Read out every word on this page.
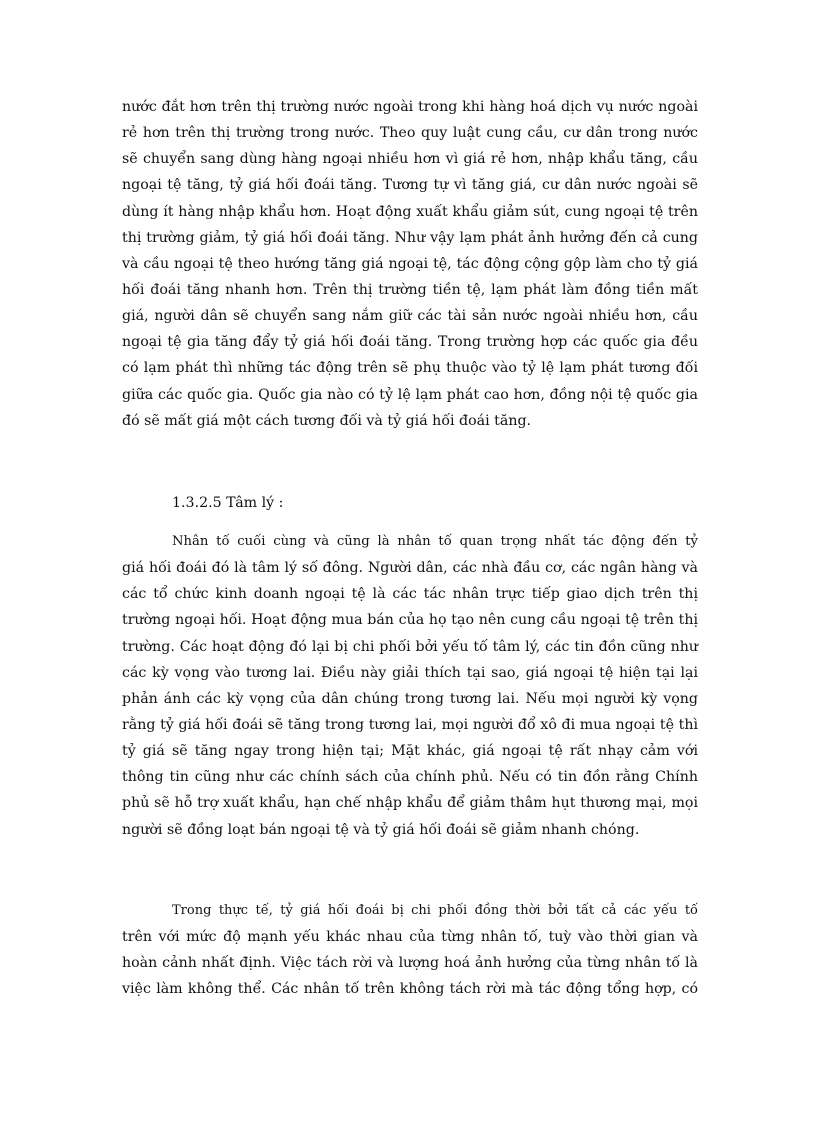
nước đắt hơn trên thị trường nước ngoài trong khi hàng hoá dịch vụ nước ngoài
rẻ hơn trên thị trường trong nước. Theo quy luật cung cầu, cư dân trong nước
sẽ chuyển sang dùng hàng ngoại nhiều hơn vì giá rẻ hơn, nhập khẩu tăng, cầu
ngoại tệ tăng, tỷ giá hối đoái tăng. Tương tự vì tăng giá, cư dân nước ngoài sẽ
dùng ít hàng nhập khẩu hơn. Hoạt động xuất khẩu giảm sút, cung ngoại tệ trên
thị trường giảm, tỷ giá hối đoái tăng. Như vậy lạm phát ảnh hưởng đến cả cung
và cầu ngoại tệ theo hướng tăng giá ngoại tệ, tác động cộng gộp làm cho tỷ giá
hối đoái tăng nhanh hơn. Trên thị trường tiền tệ, lạm phát làm đồng tiền mất
giá, người dân sẽ chuyển sang nắm giữ các tài sản nước ngoài nhiều hơn, cầu
ngoại tệ gia tăng đẩy tỷ giá hối đoái tăng. Trong trường hợp các quốc gia đều
có lạm phát thì những tác động trên sẽ phụ thuộc vào tỷ lệ lạm phát tương đối
giữa các quốc gia. Quốc gia nào có tỷ lệ lạm phát cao hơn, đồng nội tệ quốc gia
đó sẽ mất giá một cách tương đối và tỷ giá hối đoái tăng.
1.3.2.5 Tâm lý :
Nhân tố cuối cùng và cũng là nhân tố quan trọng nhất tác động đến tỷ
giá hối đoái đó là tâm lý số đông. Người dân, các nhà đầu cơ, các ngân hàng và
các tổ chức kinh doanh ngoại tệ là các tác nhân trực tiếp giao dịch trên thị
trường ngoại hối. Hoạt động mua bán của họ tạo nên cung cầu ngoại tệ trên thị
trường. Các hoạt động đó lại bị chi phối bởi yếu tố tâm lý, các tin đồn cũng như
các kỳ vọng vào tương lai. Điều này giải thích tại sao, giá ngoại tệ hiện tại lại
phản ánh các kỳ vọng của dân chúng trong tương lai. Nếu mọi người kỳ vọng
rằng tỷ giá hối đoái sẽ tăng trong tương lai, mọi người đổ xô đi mua ngoại tệ thì
tỷ giá sẽ tăng ngay trong hiện tại; Mặt khác, giá ngoại tệ rất nhạy cảm với
thông tin cũng như các chính sách của chính phủ. Nếu có tin đồn rằng Chính
phủ sẽ hỗ trợ xuất khẩu, hạn chế nhập khẩu để giảm thâm hụt thương mại, mọi
người sẽ đồng loạt bán ngoại tệ và tỷ giá hối đoái sẽ giảm nhanh chóng.
Trong thực tế, tỷ giá hối đoái bị chi phối đồng thời bởi tất cả các yếu tố
trên với mức độ mạnh yếu khác nhau của từng nhân tố, tuỳ vào thời gian và
hoàn cảnh nhất định. Việc tách rời và lượng hoá ảnh hưởng của từng nhân tố là
việc làm không thể. Các nhân tố trên không tách rời mà tác động tổng hợp, có
